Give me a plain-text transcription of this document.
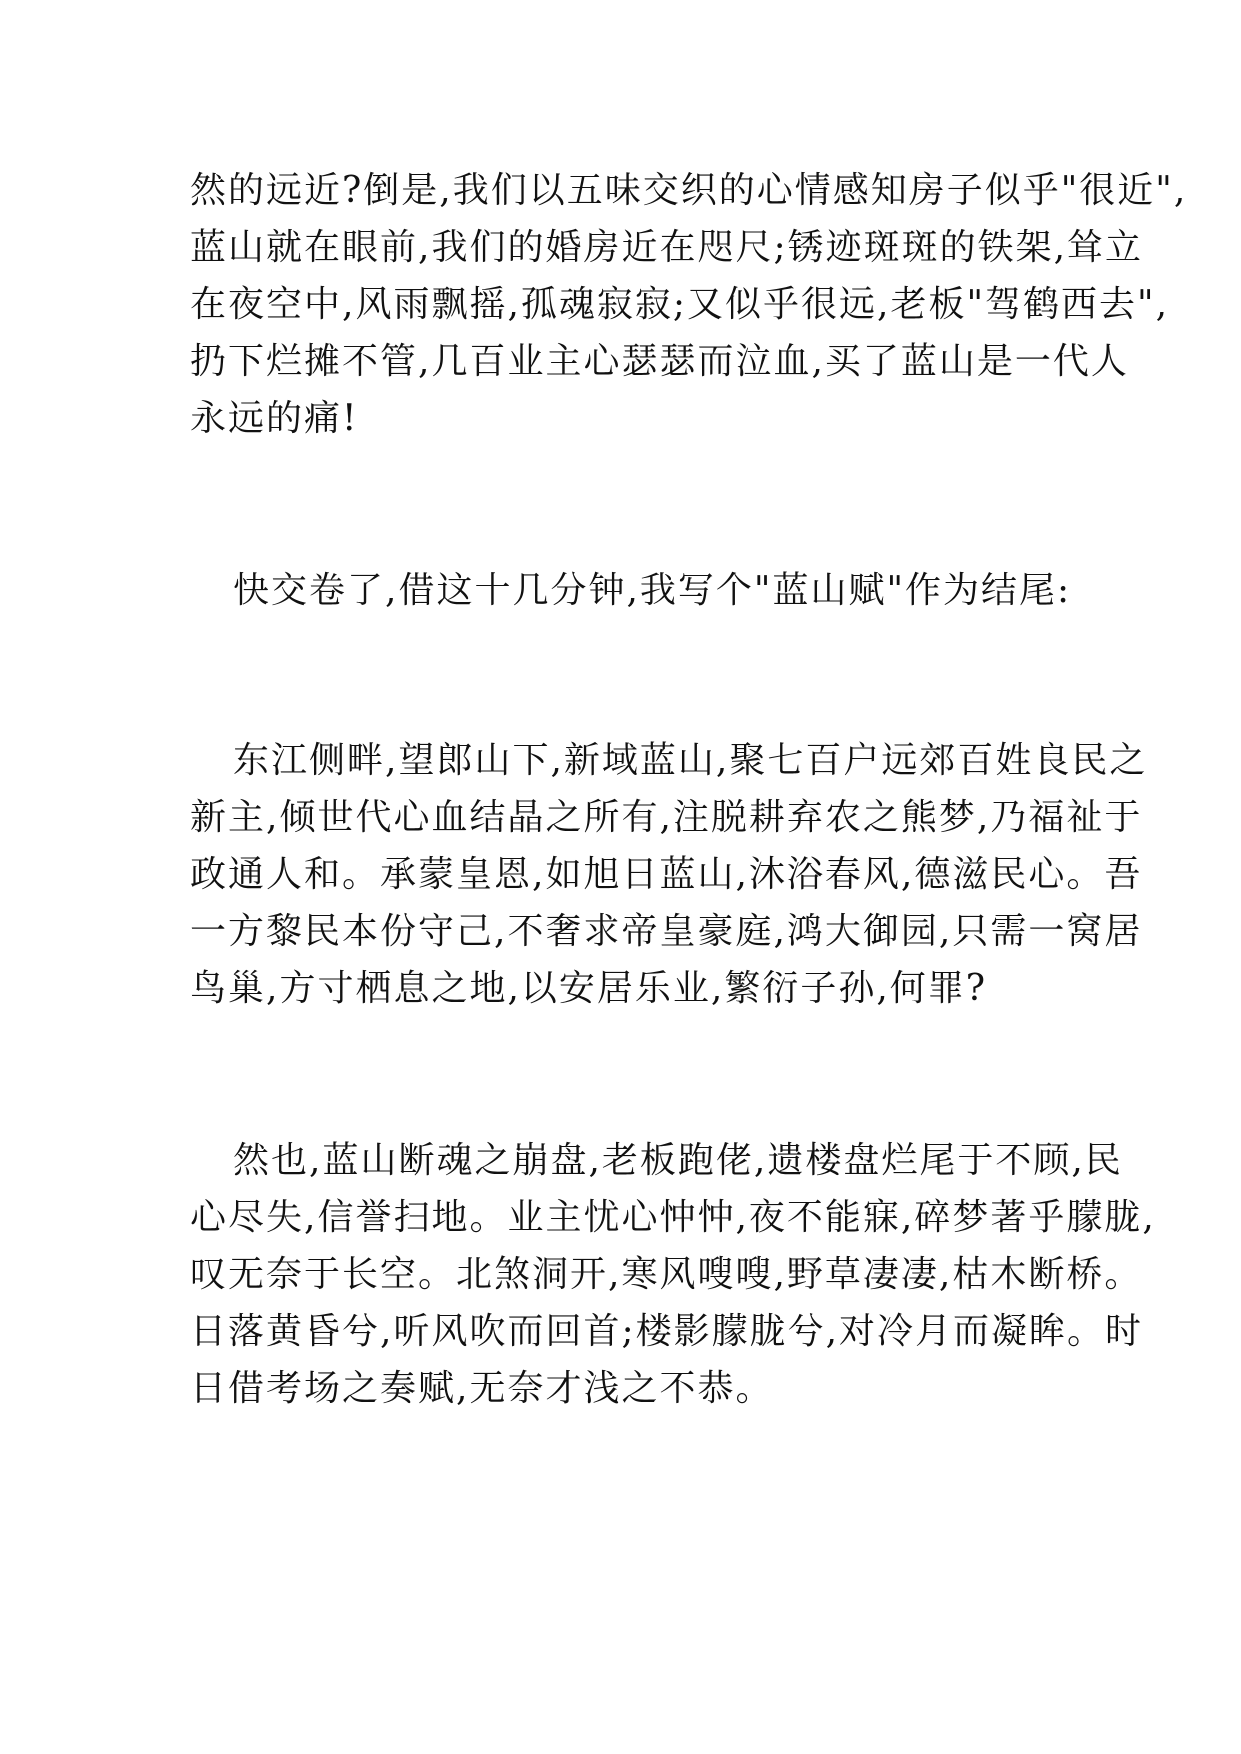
然的远近?倒是,我们以五味交织的心情感知房子似乎"很近",
蓝山就在眼前,我们的婚房近在咫尺;锈迹斑斑的铁架,耸立
在夜空中,风雨飘摇,孤魂寂寂;又似乎很远,老板"驾鹤西去",
扔下烂摊不管,几百业主心瑟瑟而泣血,买了蓝山是一代人
永远的痛!
快交卷了,借这十几分钟,我写个"蓝山赋"作为结尾:
东江侧畔,望郎山下,新域蓝山,聚七百户远郊百姓良民之
新主,倾世代心血结晶之所有,注脱耕弃农之熊梦,乃福祉于
政通人和。承蒙皇恩,如旭日蓝山,沐浴春风,德滋民心。吾
一方黎民本份守己,不奢求帝皇豪庭,鸿大御园,只需一窝居
鸟巢,方寸栖息之地,以安居乐业,繁衍子孙,何罪?
然也,蓝山断魂之崩盘,老板跑佬,遗楼盘烂尾于不顾,民
心尽失,信誉扫地。业主忧心忡忡,夜不能寐,碎梦著乎朦胧,
叹无奈于长空。北煞洞开,寒风嗖嗖,野草凄凄,枯木断桥。
日落黄昏兮,听风吹而回首;楼影朦胧兮,对冷月而凝眸。时
日借考场之奏赋,无奈才浅之不恭。
